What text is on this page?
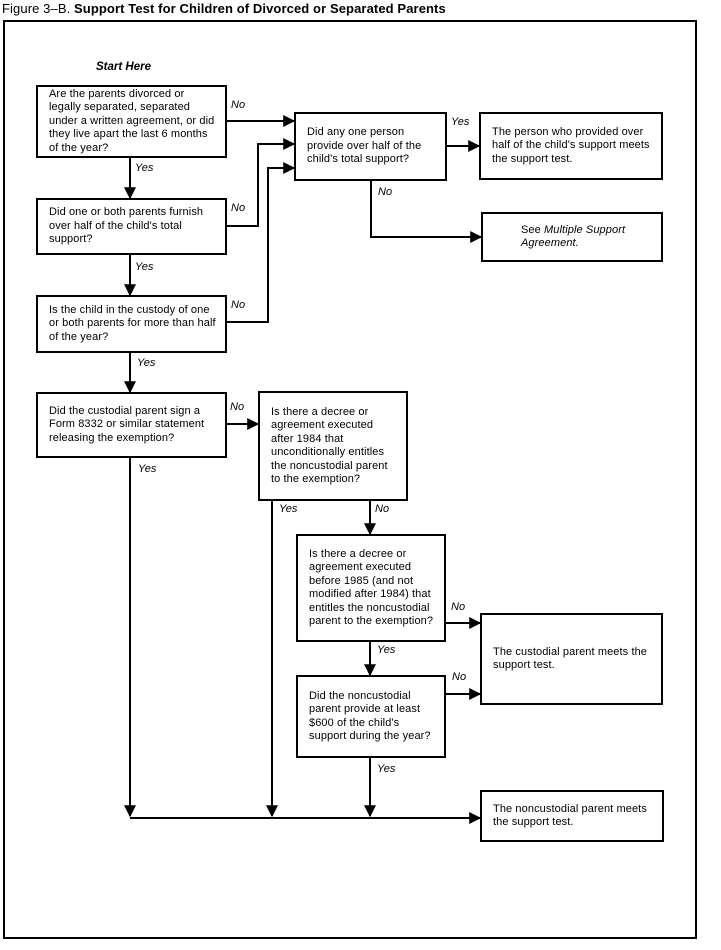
Figure 3–B. Support Test for Children of Divorced or Separated Parents
Start Here
Are the parents divorced or legally separated, separated under a written agreement, or did they live apart the last 6 months of the year?
Did one or both parents furnish over half of the child's total support?
Is the child in the custody of one or both parents for more than half of the year?
Did the custodial parent sign a Form 8332 or similar statement releasing the exemption?
Is there a decree or agreement executed after 1984 that unconditionally entitles the noncustodial parent to the exemption?
Is there a decree or agreement executed before 1985 (and not modified after 1984) that entitles the noncustodial parent to the exemption?
Did the noncustodial parent provide at least $600 of the child's support during the year?
Did any one person provide over half of the child's total support?
The person who provided over half of the child's support meets the support test.
See Multiple Support Agreement.
The custodial parent meets the support test.
The noncustodial parent meets the support test.
No
Yes
No
Yes
No
Yes
No
Yes
Yes	No
No
Yes
No
Yes
Yes
No
